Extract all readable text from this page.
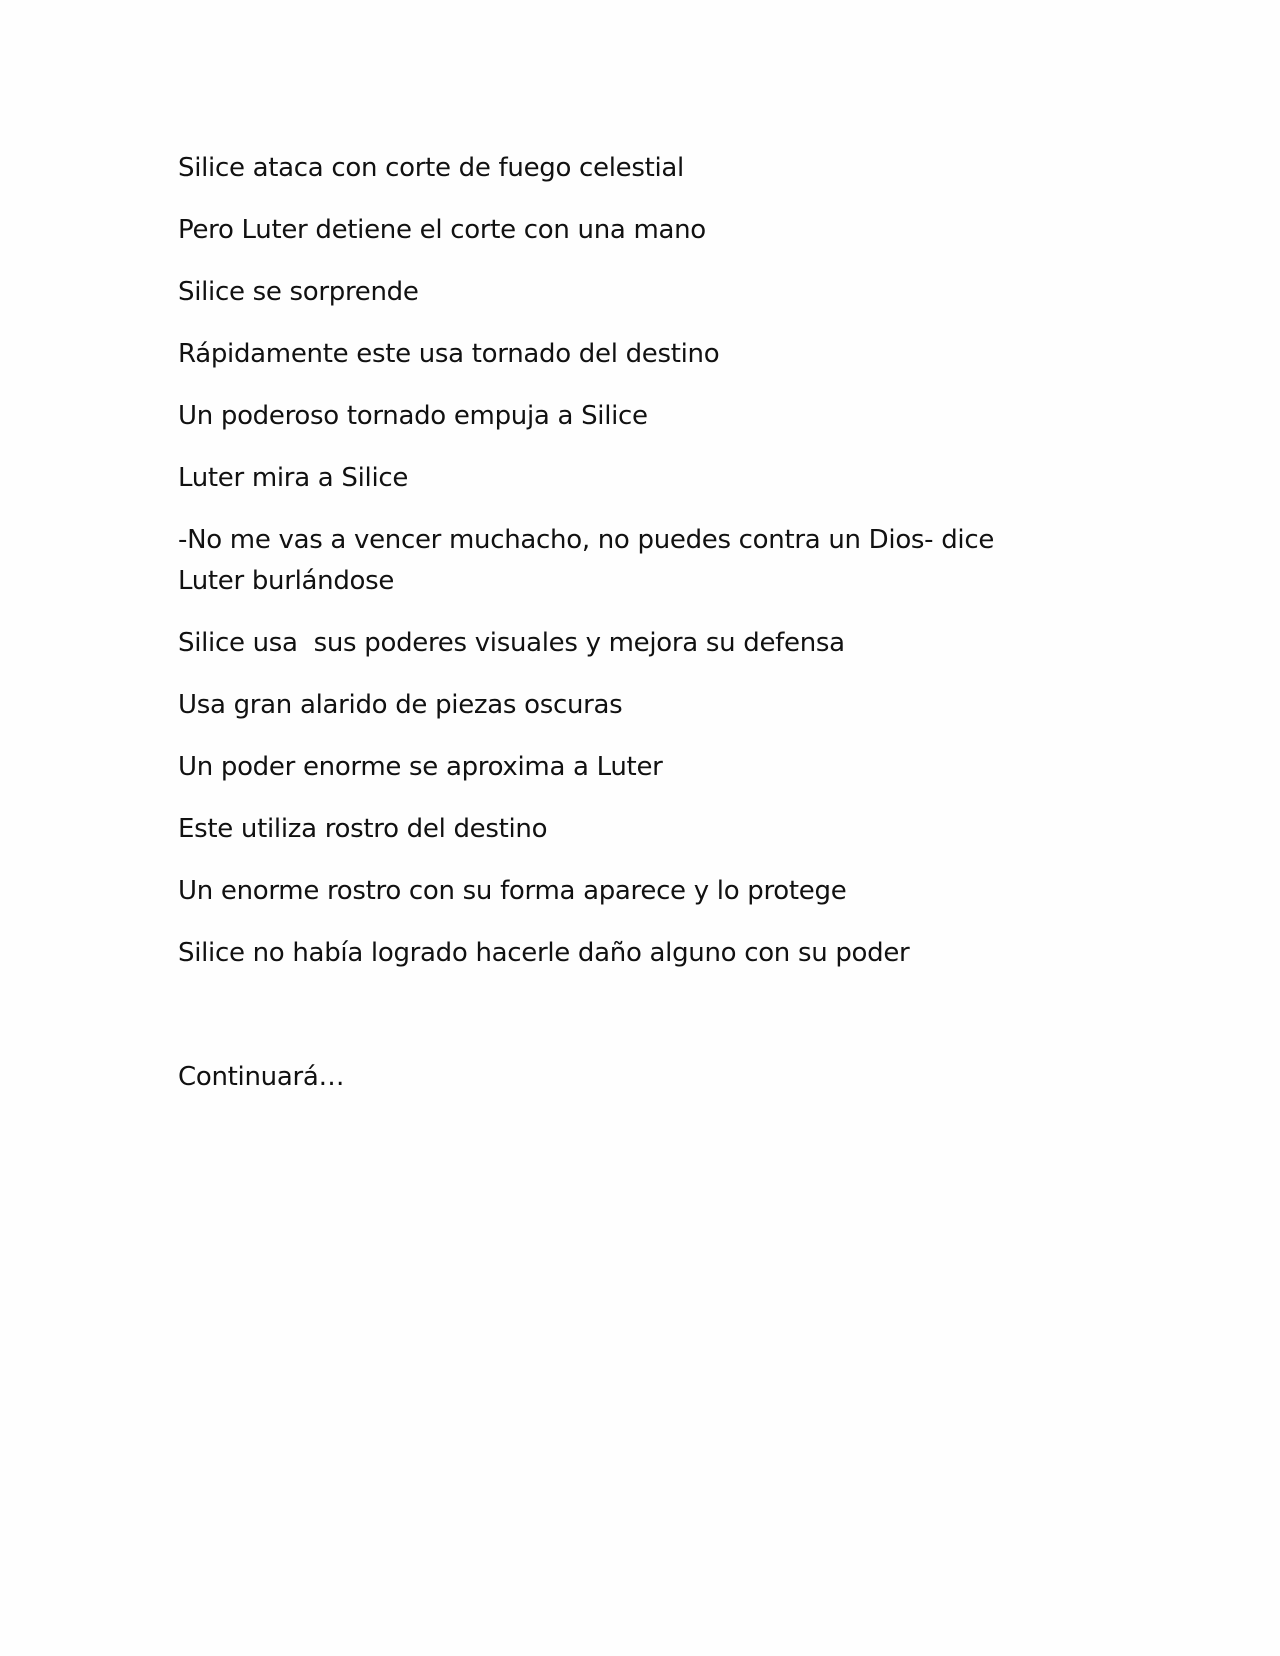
Silice ataca con corte de fuego celestial

Pero Luter detiene el corte con una mano

Silice se sorprende

Rápidamente este usa tornado del destino

Un poderoso tornado empuja a Silice

Luter mira a Silice

-No me vas a vencer muchacho, no puedes contra un Dios- dice Luter burlándose

Silice usa  sus poderes visuales y mejora su defensa

Usa gran alarido de piezas oscuras

Un poder enorme se aproxima a Luter

Este utiliza rostro del destino

Un enorme rostro con su forma aparece y lo protege

Silice no había logrado hacerle daño alguno con su poder

Continuará…
